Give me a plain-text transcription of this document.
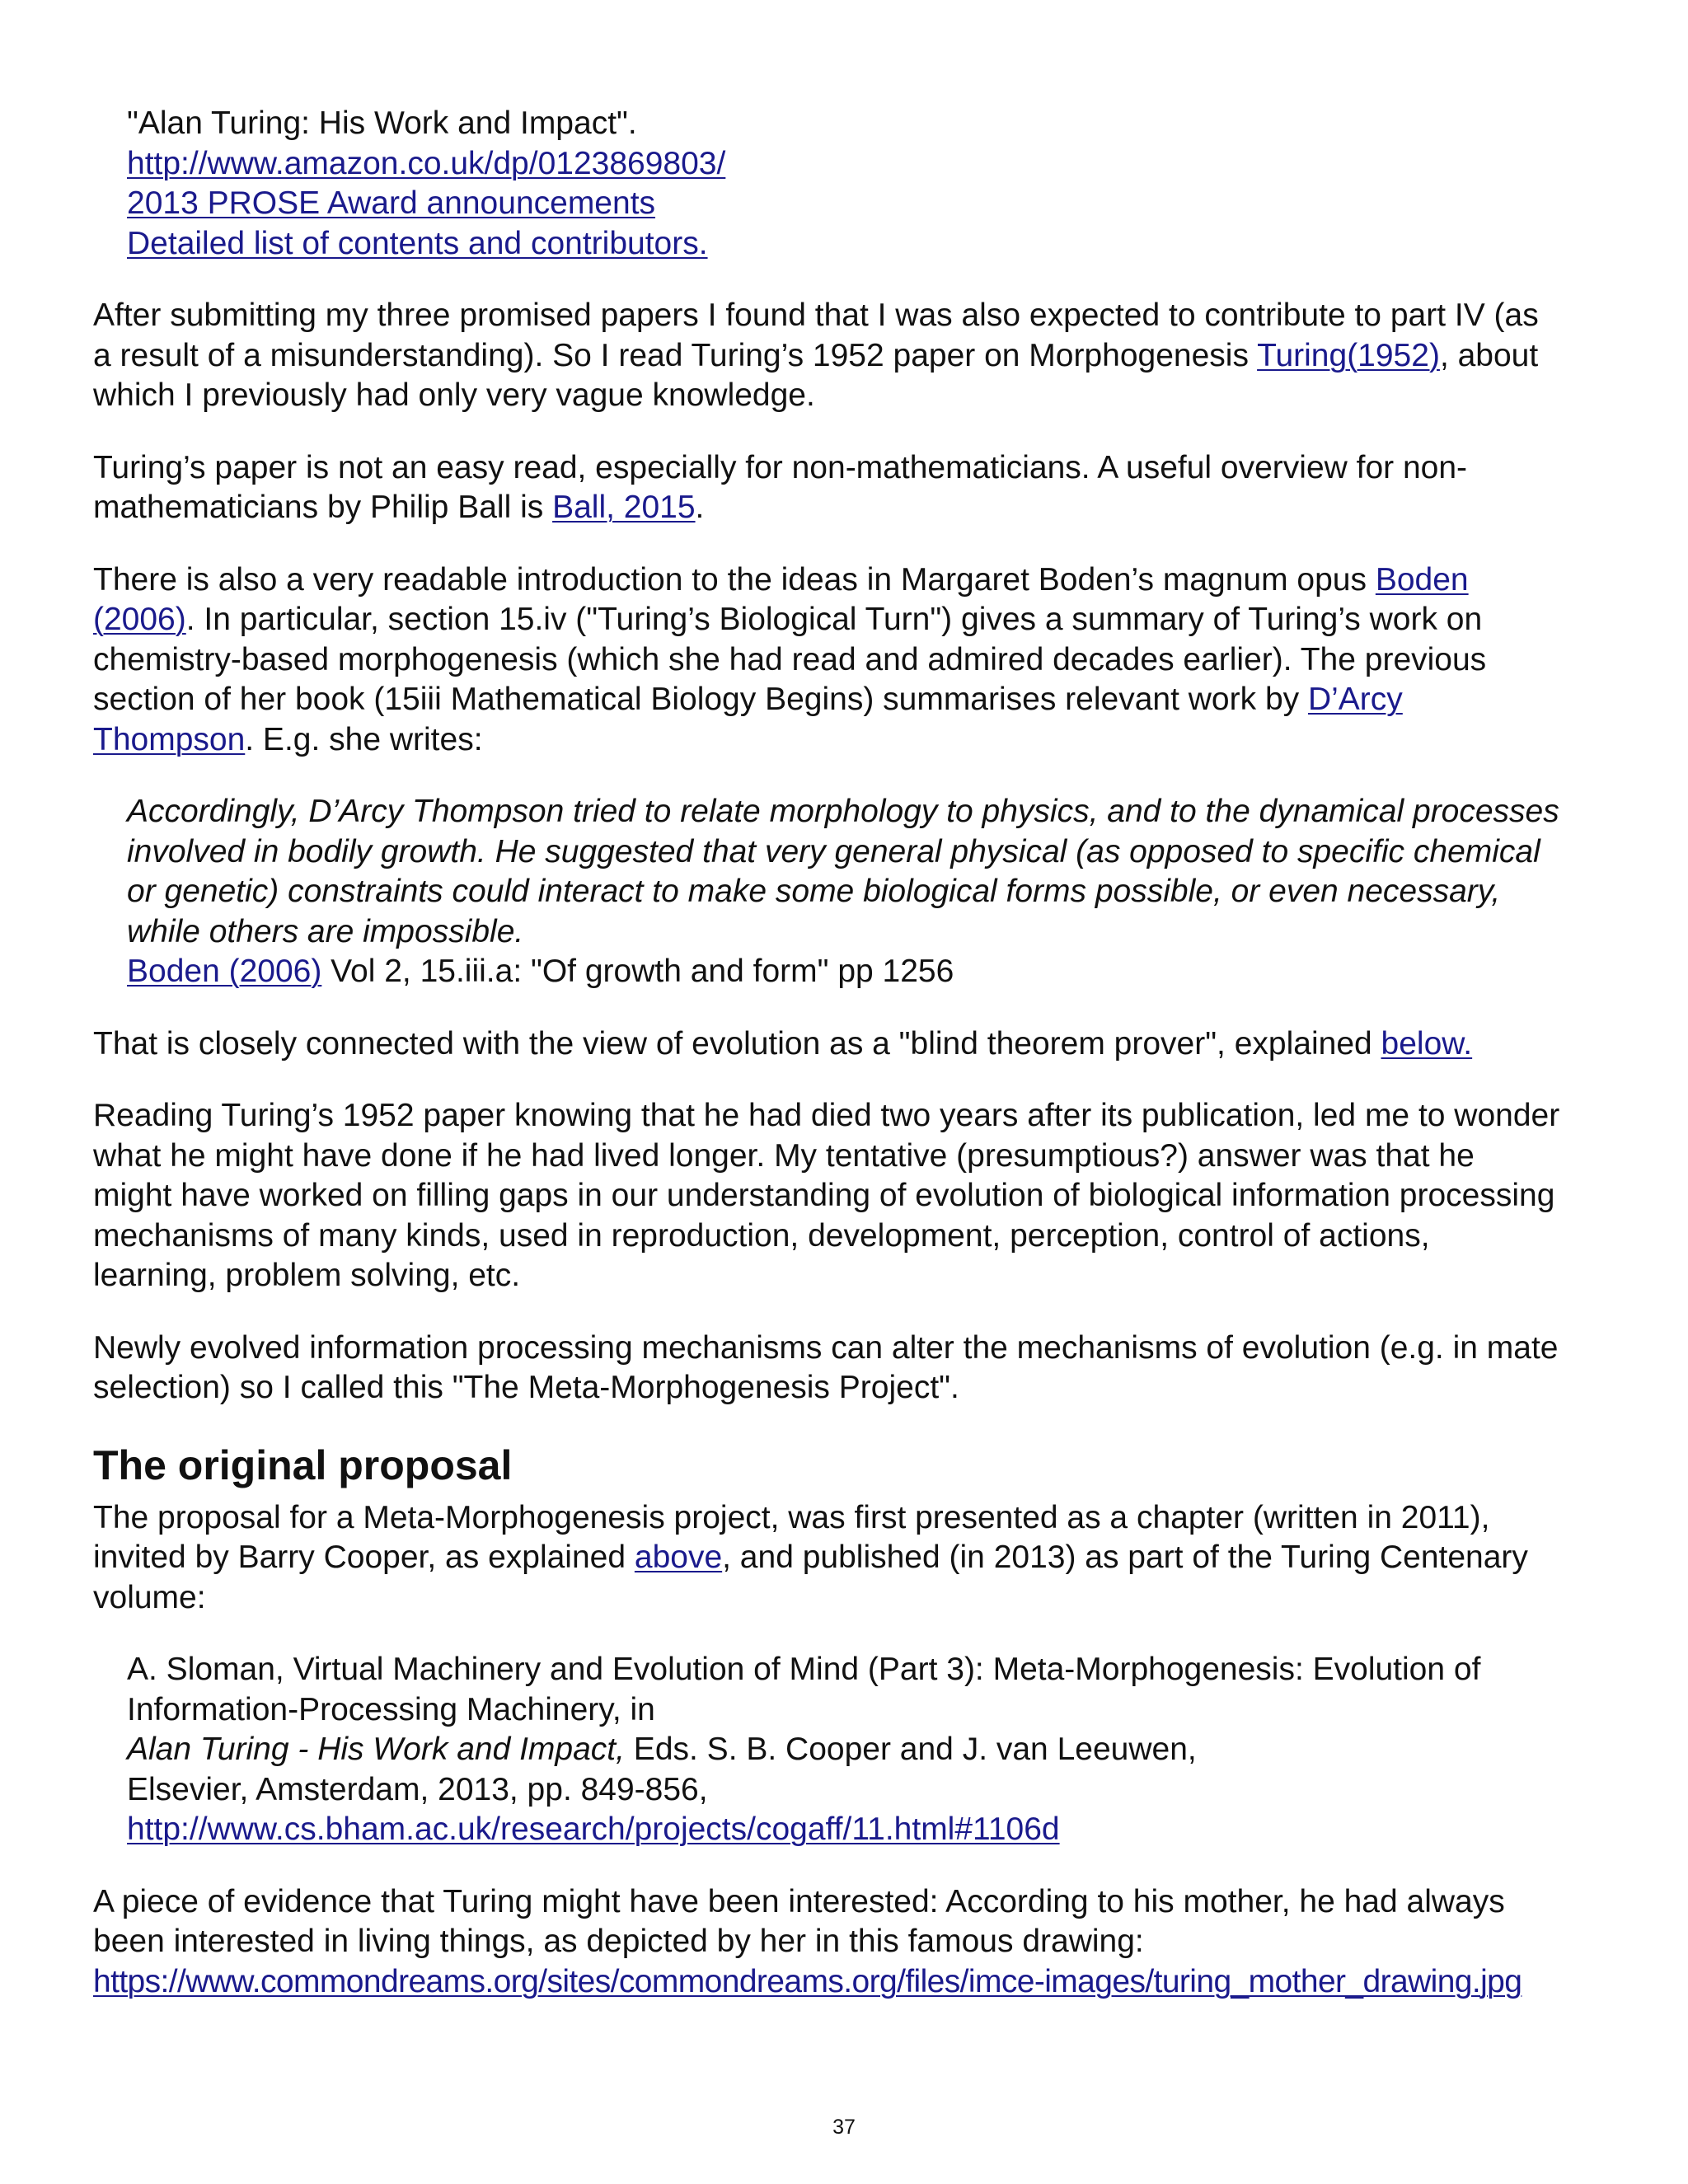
"Alan Turing: His Work and Impact".
http://www.amazon.co.uk/dp/0123869803/
2013 PROSE Award announcements
Detailed list of contents and contributors.

After submitting my three promised papers I found that I was also expected to contribute to part IV (as a result of a misunderstanding). So I read Turing’s 1952 paper on Morphogenesis Turing(1952), about which I previously had only very vague knowledge.

Turing’s paper is not an easy read, especially for non-mathematicians. A useful overview for non-mathematicians by Philip Ball is Ball, 2015.

There is also a very readable introduction to the ideas in Margaret Boden’s magnum opus Boden (2006). In particular, section 15.iv ("Turing’s Biological Turn") gives a summary of Turing’s work on chemistry-based morphogenesis (which she had read and admired decades earlier). The previous section of her book (15iii Mathematical Biology Begins) summarises relevant work by D’Arcy Thompson. E.g. she writes:

Accordingly, D’Arcy Thompson tried to relate morphology to physics, and to the dynamical processes involved in bodily growth. He suggested that very general physical (as opposed to specific chemical or genetic) constraints could interact to make some biological forms possible, or even necessary, while others are impossible.
Boden (2006) Vol 2, 15.iii.a: "Of growth and form" pp 1256

That is closely connected with the view of evolution as a "blind theorem prover", explained below.

Reading Turing’s 1952 paper knowing that he had died two years after its publication, led me to wonder what he might have done if he had lived longer. My tentative (presumptious?) answer was that he might have worked on filling gaps in our understanding of evolution of biological information processing mechanisms of many kinds, used in reproduction, development, perception, control of actions, learning, problem solving, etc.

Newly evolved information processing mechanisms can alter the mechanisms of evolution (e.g. in mate selection) so I called this "The Meta-Morphogenesis Project".

The original proposal

The proposal for a Meta-Morphogenesis project, was first presented as a chapter (written in 2011), invited by Barry Cooper, as explained above, and published (in 2013) as part of the Turing Centenary volume:

A. Sloman, Virtual Machinery and Evolution of Mind (Part 3): Meta-Morphogenesis: Evolution of Information-Processing Machinery, in
Alan Turing - His Work and Impact, Eds. S. B. Cooper and J. van Leeuwen,
Elsevier, Amsterdam, 2013, pp. 849-856,
http://www.cs.bham.ac.uk/research/projects/cogaff/11.html#1106d

A piece of evidence that Turing might have been interested: According to his mother, he had always been interested in living things, as depicted by her in this famous drawing:
https://www.commondreams.org/sites/commondreams.org/files/imce-images/turing_mother_drawing.jpg

37
